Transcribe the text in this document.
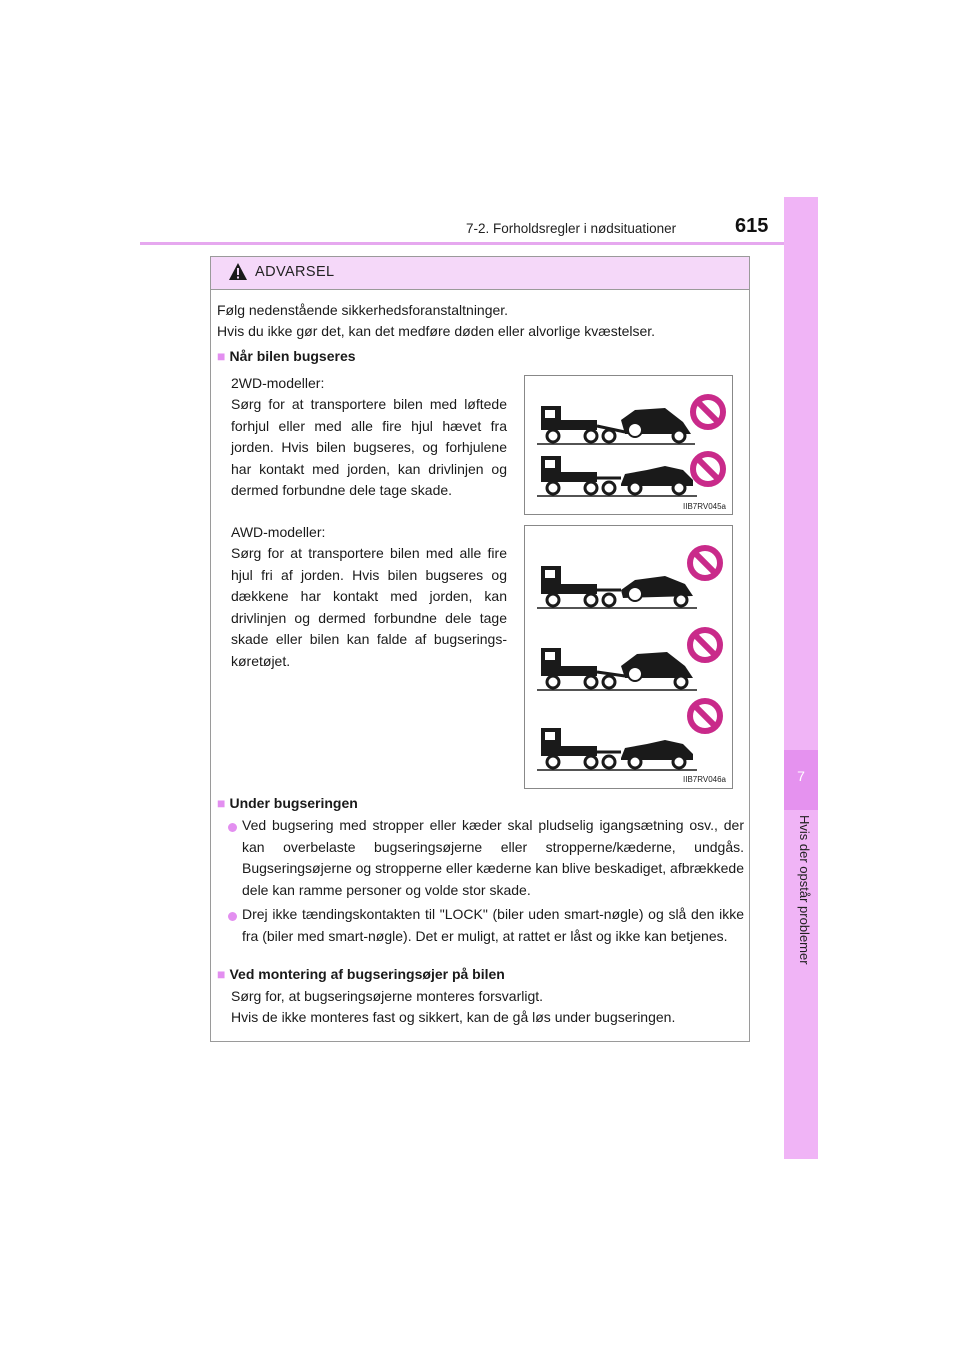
7-2. Forholdsregler i nødsituationer	615
7
Hvis der opstår problemer
ADVARSEL
Følg nedenstående sikkerhedsforanstaltninger.
Hvis du ikke gør det, kan det medføre døden eller alvorlige kvæstelser.
■ Når bilen bugseres
2WD-modeller:
Sørg for at transportere bilen med løftede forhjul eller med alle fire hjul hævet fra jorden. Hvis bilen bugseres, og forhjulene har kontakt med jorden, kan drivlinjen og dermed forbundne dele tage skade.
AWD-modeller:
Sørg for at transportere bilen med alle fire hjul fri af jorden. Hvis bilen bugseres og dækkene har kontakt med jorden, kan drivlinjen og dermed forbundne dele tage skade eller bilen kan falde af bugserings-køretøjet.
IIB7RV045a
IIB7RV046a
■ Under bugseringen
Ved bugsering med stropper eller kæder skal pludselig igangsætning osv., der kan overbelaste bugseringsøjerne eller stropperne/kæderne, undgås. Bugseringsøjerne og stropperne eller kæderne kan blive beskadiget, afbrækkede dele kan ramme personer og volde stor skade.
Drej ikke tændingskontakten til "LOCK" (biler uden smart-nøgle) og slå den ikke fra (biler med smart-nøgle). Det er muligt, at rattet er låst og ikke kan betjenes.
■ Ved montering af bugseringsøjer på bilen
Sørg for, at bugseringsøjerne monteres forsvarligt.
Hvis de ikke monteres fast og sikkert, kan de gå løs under bugseringen.
